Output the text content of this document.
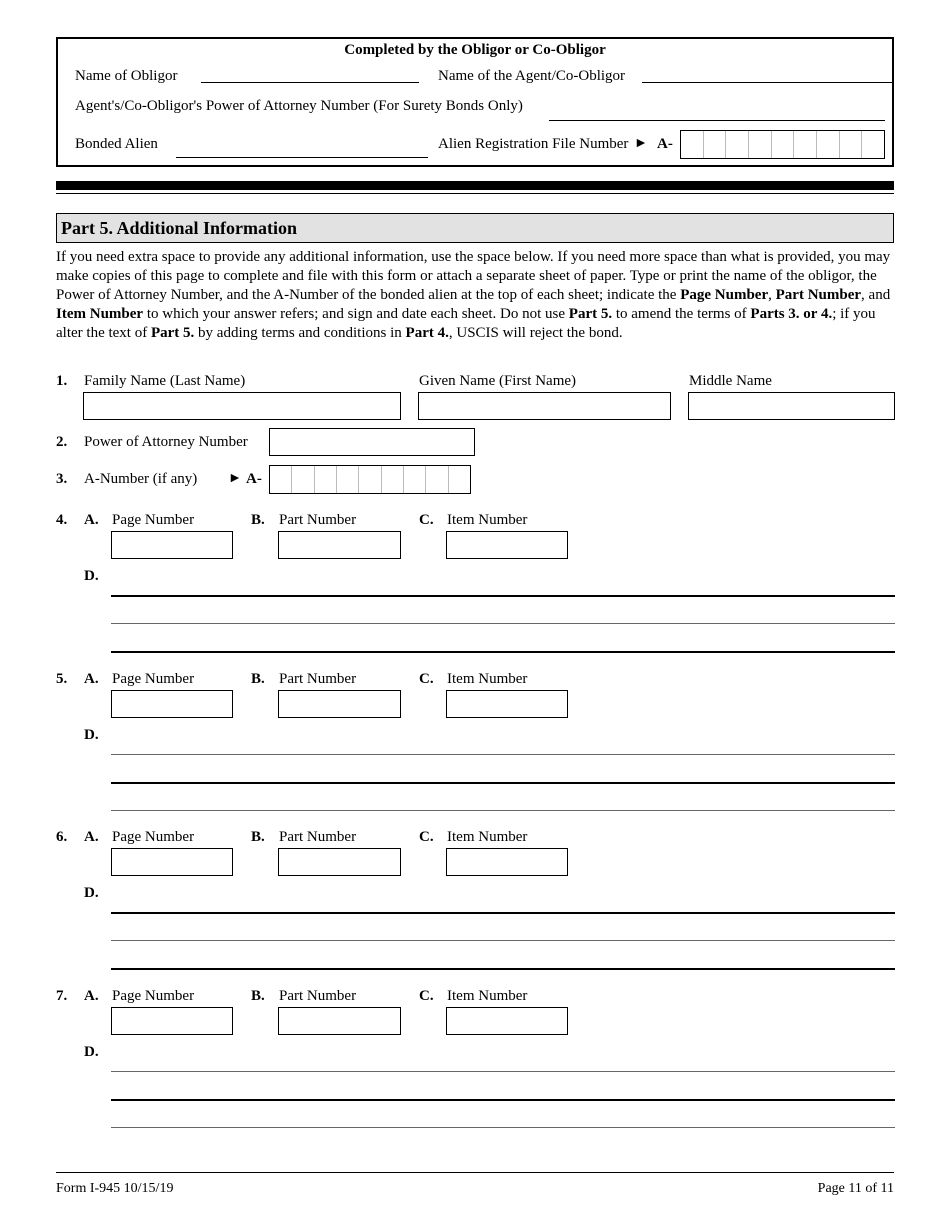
Completed by the Obligor or Co-Obligor
Name of Obligor	Name of the Agent/Co-Obligor
Agent's/Co-Obligor's Power of Attorney Number (For Surety Bonds Only)
Bonded Alien	Alien Registration File Number ► A-
Part 5. Additional Information
If you need extra space to provide any additional information, use the space below. If you need more space than what is provided, you may make copies of this page to complete and file with this form or attach a separate sheet of paper. Type or print the name of the obligor, the Power of Attorney Number, and the A-Number of the bonded alien at the top of each sheet; indicate the Page Number, Part Number, and Item Number to which your answer refers; and sign and date each sheet. Do not use Part 5. to amend the terms of Parts 3. or 4.; if you alter the text of Part 5. by adding terms and conditions in Part 4., USCIS will reject the bond.
1. Family Name (Last Name)	Given Name (First Name)	Middle Name
2. Power of Attorney Number
3. A-Number (if any) ► A-
4. A. Page Number	B. Part Number	C. Item Number
D.
5. A. Page Number	B. Part Number	C. Item Number
D.
6. A. Page Number	B. Part Number	C. Item Number
D.
7. A. Page Number	B. Part Number	C. Item Number
D.
Form I-945 10/15/19	Page 11 of 11
